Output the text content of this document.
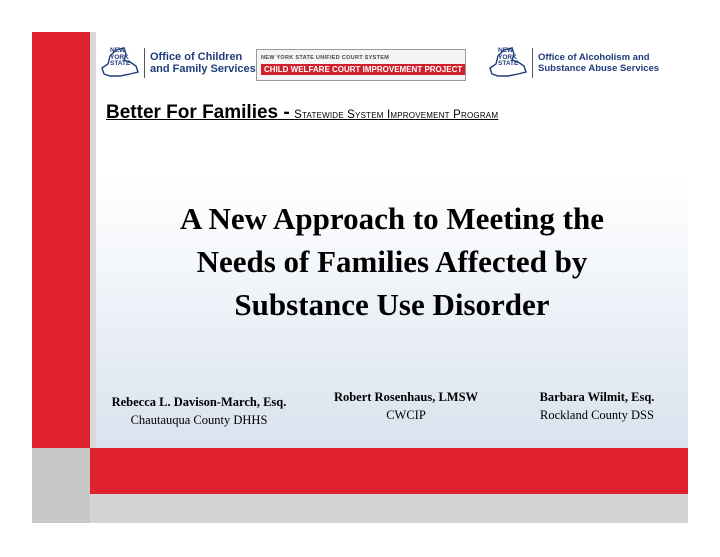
NEW
YORK
STATE
Office of Children
and Family Services
NEW YORK STATE UNIFIED COURT SYSTEM
CHILD WELFARE COURT IMPROVEMENT PROJECT
NEW
YORK
STATE
Office of Alcoholism and
Substance Abuse Services
Better For Families - Statewide System Improvement Program
A New Approach to Meeting the
Needs of Families Affected by
Substance Use Disorder
Rebecca L. Davison-March, Esq.
Chautauqua County DHHS
Robert Rosenhaus, LMSW
CWCIP
Barbara Wilmit, Esq.
Rockland County DSS
